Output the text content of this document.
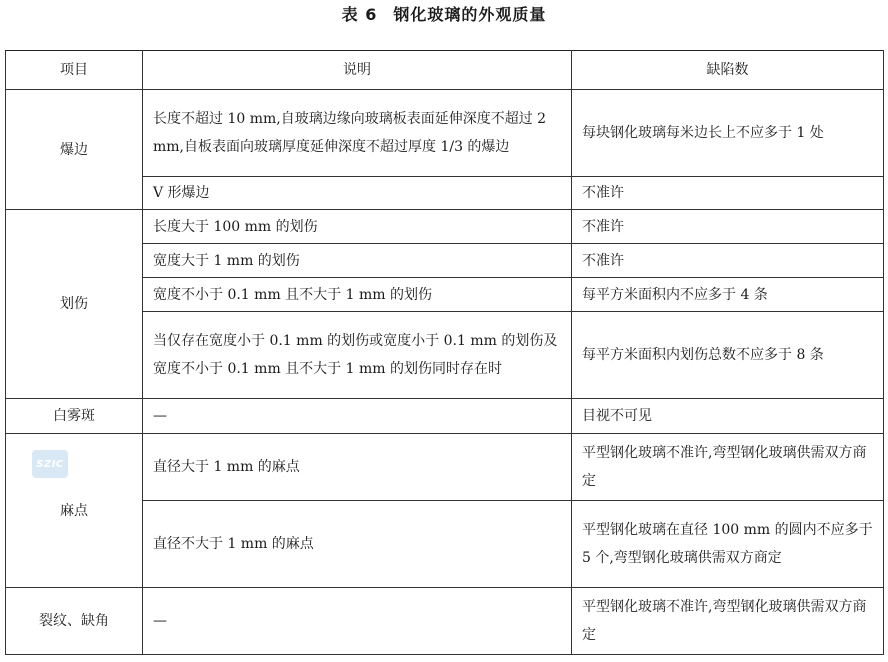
表 6 钢化玻璃的外观质量
项目	说明	缺陷数
爆边	长度不超过 10 mm,自玻璃边缘向玻璃板表面延伸深度不超过 2 mm,自板表面向玻璃厚度延伸深度不超过厚度 1/3 的爆边	每块钢化玻璃每米边长上不应多于 1 处
	V 形爆边	不准许
划伤	长度大于 100 mm 的划伤	不准许
	宽度大于 1 mm 的划伤	不准许
	宽度不小于 0.1 mm 且不大于 1 mm 的划伤	每平方米面积内不应多于 4 条
	当仅存在宽度小于 0.1 mm 的划伤或宽度小于 0.1 mm 的划伤及宽度不小于 0.1 mm 且不大于 1 mm 的划伤同时存在时	每平方米面积内划伤总数不应多于 8 条
白雾斑	—	目视不可见
麻点	直径大于 1 mm 的麻点	平型钢化玻璃不准许,弯型钢化玻璃供需双方商定
	直径不大于 1 mm 的麻点	平型钢化玻璃在直径 100 mm 的圆内不应多于 5 个,弯型钢化玻璃供需双方商定
裂纹、缺角	—	平型钢化玻璃不准许,弯型钢化玻璃供需双方商定
SZIC
